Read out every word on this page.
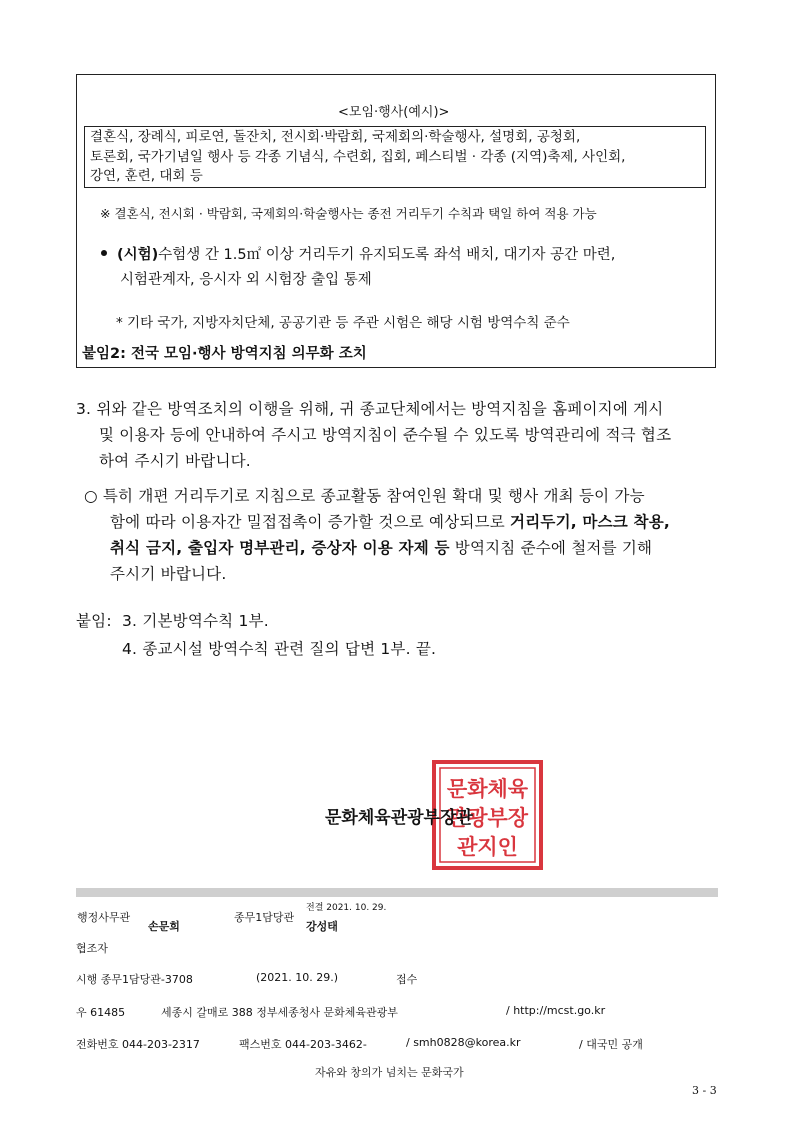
<모임·행사(예시)>
결혼식, 장례식, 피로연, 돌잔치, 전시회·박람회, 국제회의·학술행사, 설명회, 공청회,
토론회, 국가기념일 행사 등 각종 기념식, 수련회, 집회, 페스티벌 · 각종 (지역)축제, 사인회,
강연, 훈련, 대회 등
※ 결혼식, 전시회 · 박람회, 국제회의·학술행사는 종전 거리두기 수칙과 택일 하여 적용 가능
(시험)수험생 간 1.5㎡ 이상 거리두기 유지되도록 좌석 배치, 대기자 공간 마련,
시험관계자, 응시자 외 시험장 출입 통제
* 기타 국가, 지방자치단체, 공공기관 등 주관 시험은 해당 시험 방역수칙 준수
붙임2: 전국 모임·행사 방역지침 의무화 조치
3. 위와 같은 방역조치의 이행을 위해, 귀 종교단체에서는 방역지침을 홈페이지에 게시
및 이용자 등에 안내하여 주시고 방역지침이 준수될 수 있도록 방역관리에 적극 협조
하여 주시기 바랍니다.
○ 특히 개편 거리두기로 지침으로 종교활동 참여인원 확대 및 행사 개최 등이 가능
함에 따라 이용자간 밀접접촉이 증가할 것으로 예상되므로 거리두기, 마스크 착용,
취식 금지, 출입자 명부관리, 증상자 이용 자제 등 방역지침 준수에 철저를 기해
주시기 바랍니다.
붙임: 3. 기본방역수칙 1부.
4. 종교시설 방역수칙 관련 질의 답변 1부. 끝.
문화체육
관광부장
관지인
문화체육관광부장관
행정사무관
손문희
종무1담당관
전결 2021. 10. 29.
강성태
협조자
시행 종무1담당관-3708	(2021. 10. 29.)	접수
우 61485	세종시 갈매로 388 정부세종청사 문화체육관광부	/ http://mcst.go.kr
전화번호 044-203-2317	팩스번호 044-203-3462-	/ smh0828@korea.kr	/ 대국민 공개
자유와 창의가 넘치는 문화국가
3 - 3
